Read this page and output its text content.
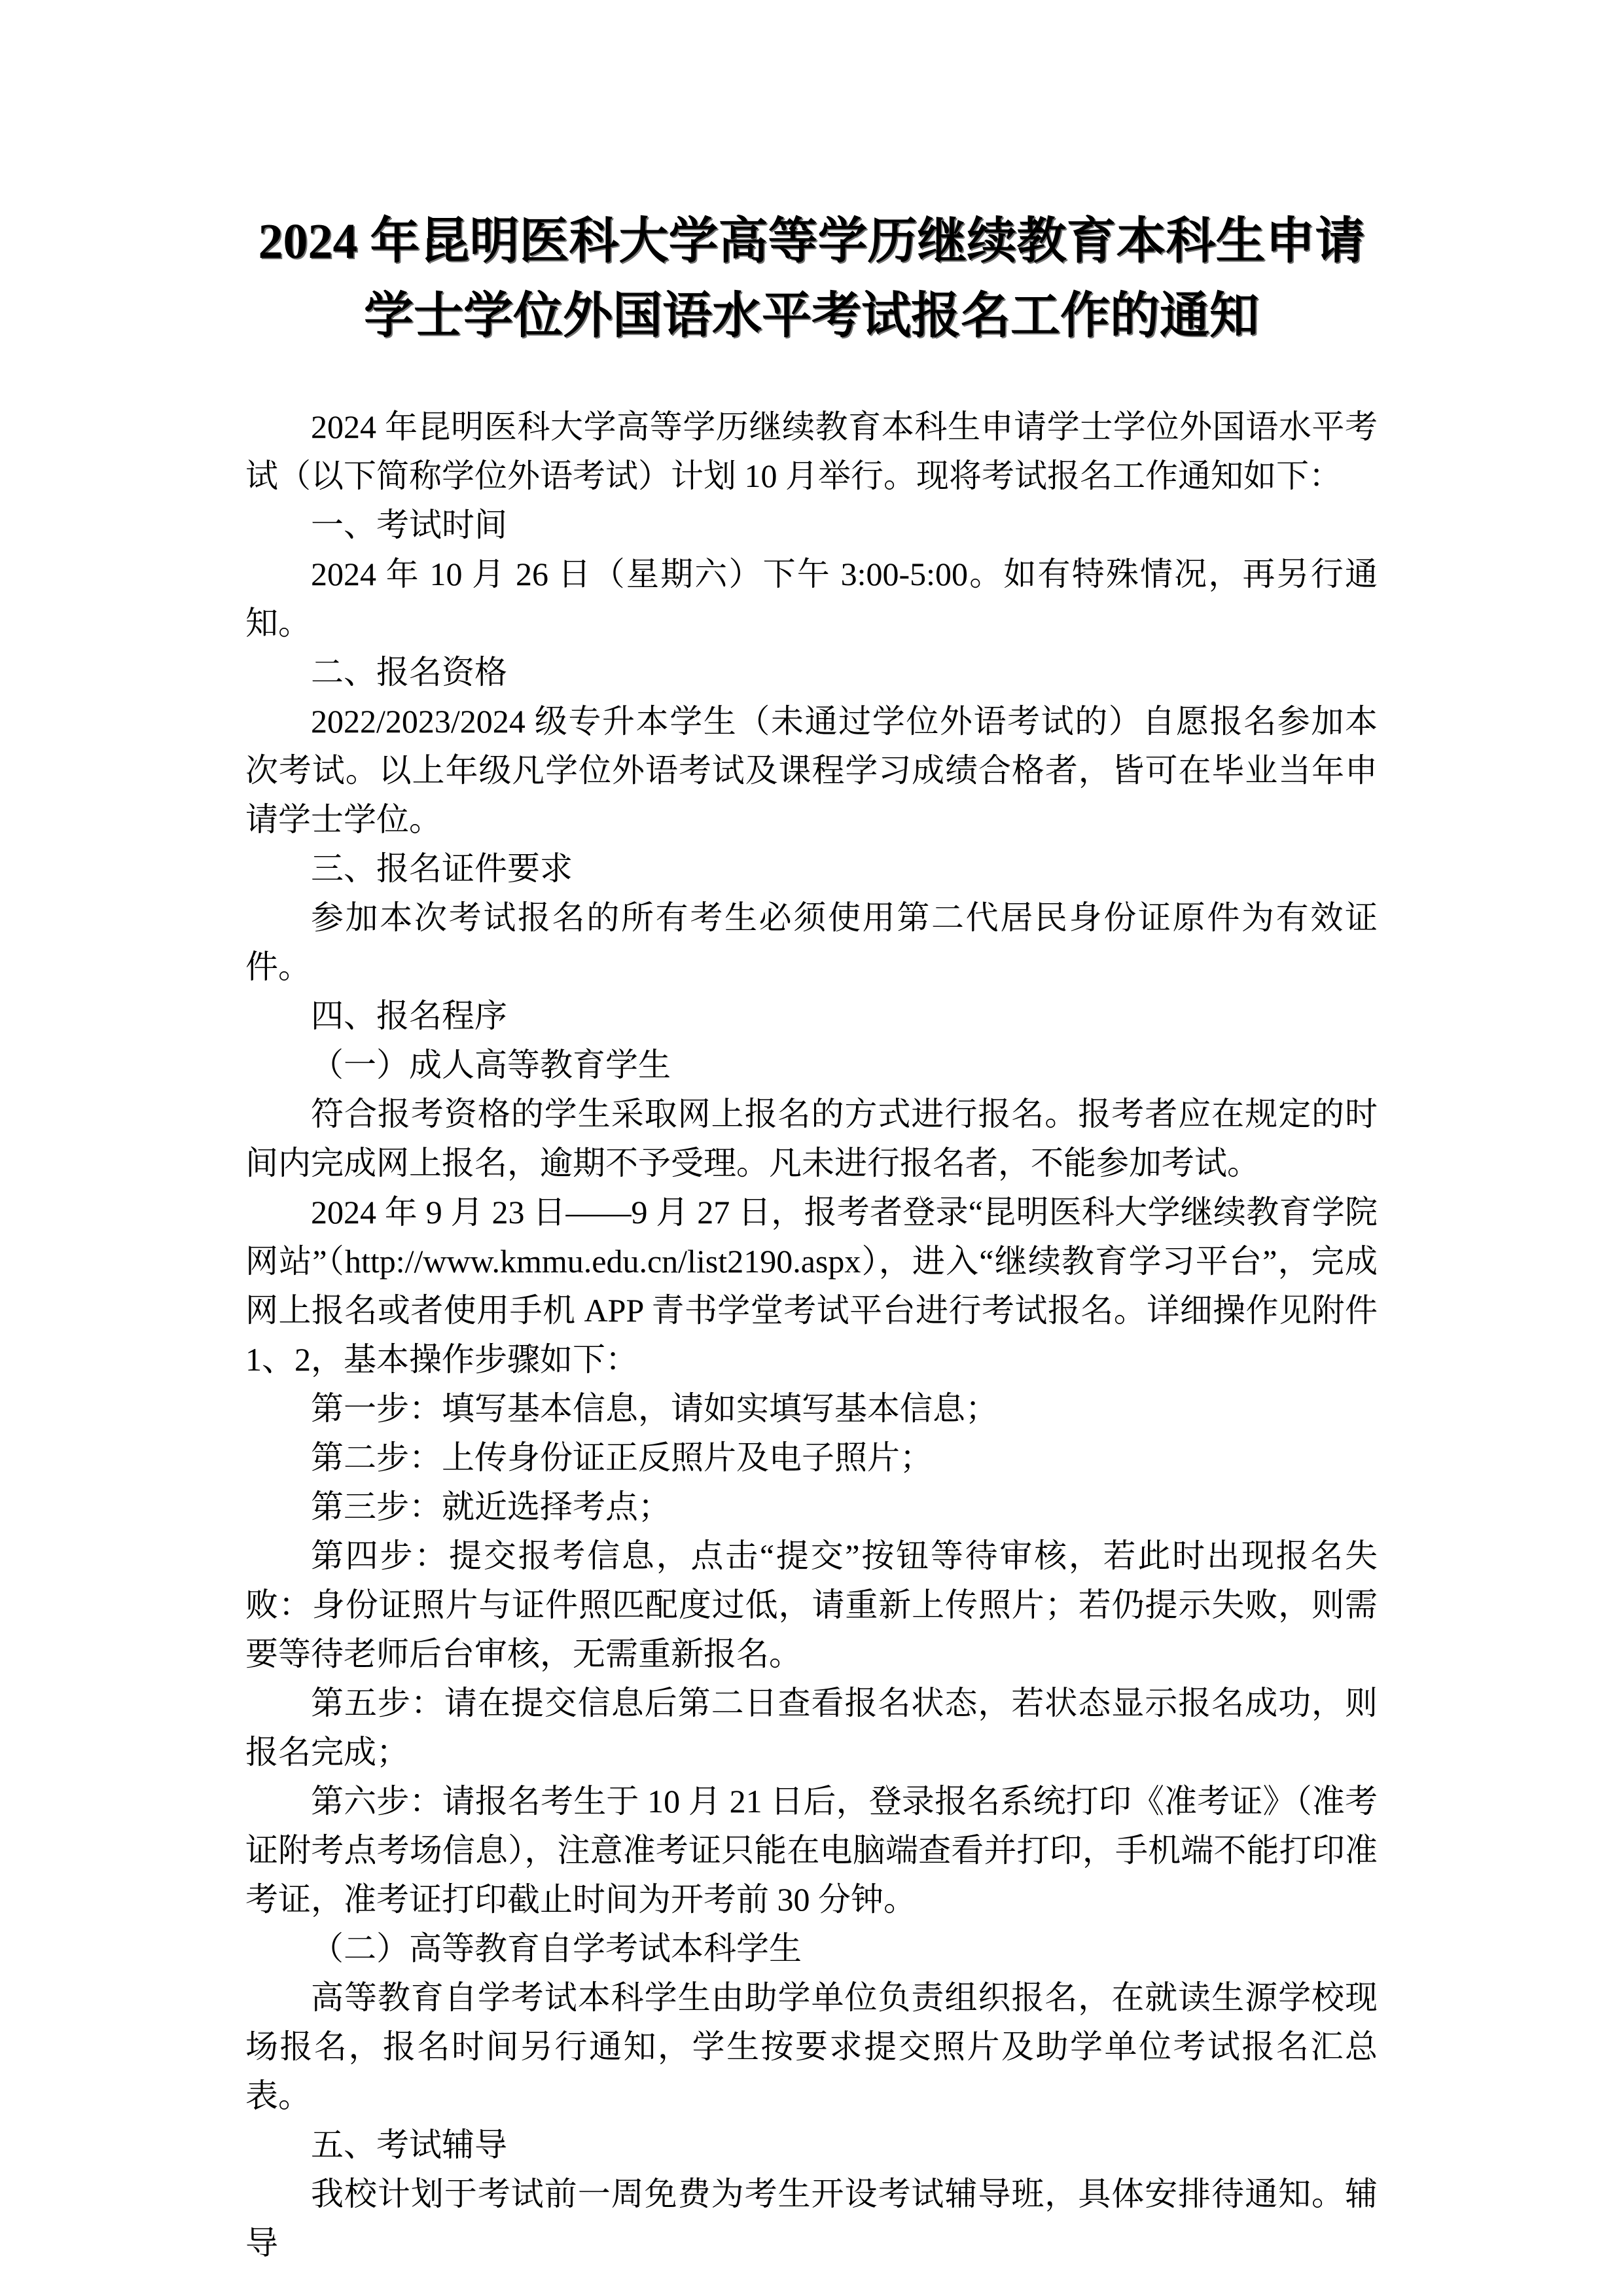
2024 年昆明医科大学高等学历继续教育本科生申请
学士学位外国语水平考试报名工作的通知

2024 年昆明医科大学高等学历继续教育本科生申请学士学位外国语水平考试（以下简称学位外语考试）计划 10 月举行。现将考试报名工作通知如下：

一、考试时间

2024 年 10 月 26 日（星期六）下午 3:00-5:00。如有特殊情况，再另行通知。

二、报名资格

2022/2023/2024 级专升本学生（未通过学位外语考试的）自愿报名参加本次考试。以上年级凡学位外语考试及课程学习成绩合格者，皆可在毕业当年申请学士学位。

三、报名证件要求

参加本次考试报名的所有考生必须使用第二代居民身份证原件为有效证件。

四、报名程序

（一）成人高等教育学生

符合报考资格的学生采取网上报名的方式进行报名。报考者应在规定的时间内完成网上报名，逾期不予受理。凡未进行报名者，不能参加考试。

2024 年 9 月 23 日——9 月 27 日，报考者登录“昆明医科大学继续教育学院网站”（http://www.kmmu.edu.cn/list2190.aspx），进入“继续教育学习平台”，完成网上报名或者使用手机 APP 青书学堂考试平台进行考试报名。详细操作见附件 1、2，基本操作步骤如下：

第一步：填写基本信息，请如实填写基本信息；

第二步：上传身份证正反照片及电子照片；

第三步：就近选择考点；

第四步：提交报考信息，点击“提交”按钮等待审核，若此时出现报名失败：身份证照片与证件照匹配度过低，请重新上传照片；若仍提示失败，则需要等待老师后台审核，无需重新报名。

第五步：请在提交信息后第二日查看报名状态，若状态显示报名成功，则报名完成；

第六步：请报名考生于 10 月 21 日后，登录报名系统打印《准考证》（准考证附考点考场信息），注意准考证只能在电脑端查看并打印，手机端不能打印准考证，准考证打印截止时间为开考前 30 分钟。

（二）高等教育自学考试本科学生

高等教育自学考试本科学生由助学单位负责组织报名，在就读生源学校现场报名，报名时间另行通知，学生按要求提交照片及助学单位考试报名汇总表。

五、考试辅导

我校计划于考试前一周免费为考生开设考试辅导班，具体安排待通知。辅导
